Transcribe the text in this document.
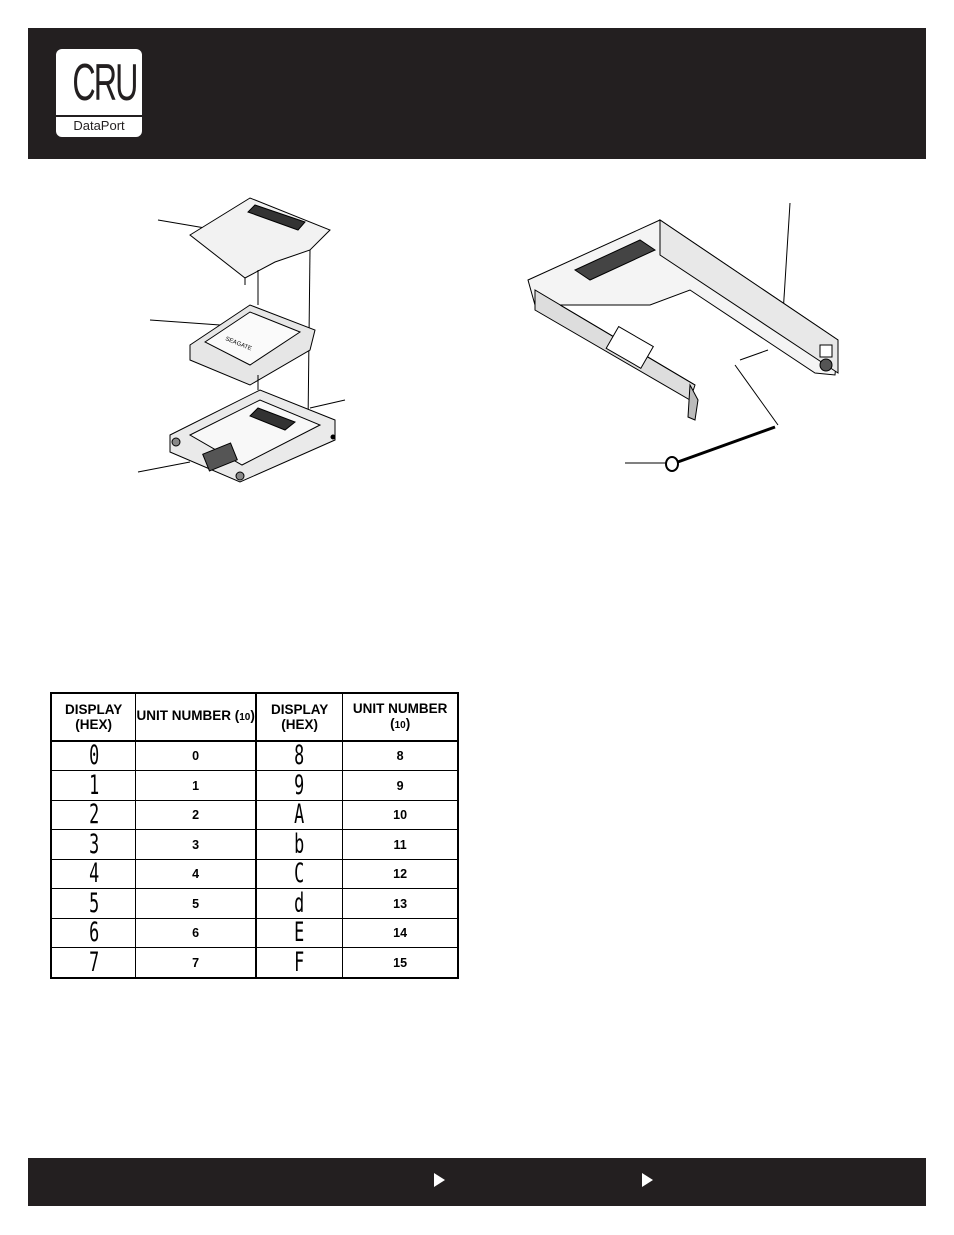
CRU
DataPort
SEAGATE
DISPLAY (HEX)	UNIT NUMBER (10)	DISPLAY (HEX)	UNIT NUMBER (10)
0	0	8	8
1	1	9	9
2	2	A	10
3	3	b	11
4	4	C	12
5	5	d	13
6	6	E	14
7	7	F	15
